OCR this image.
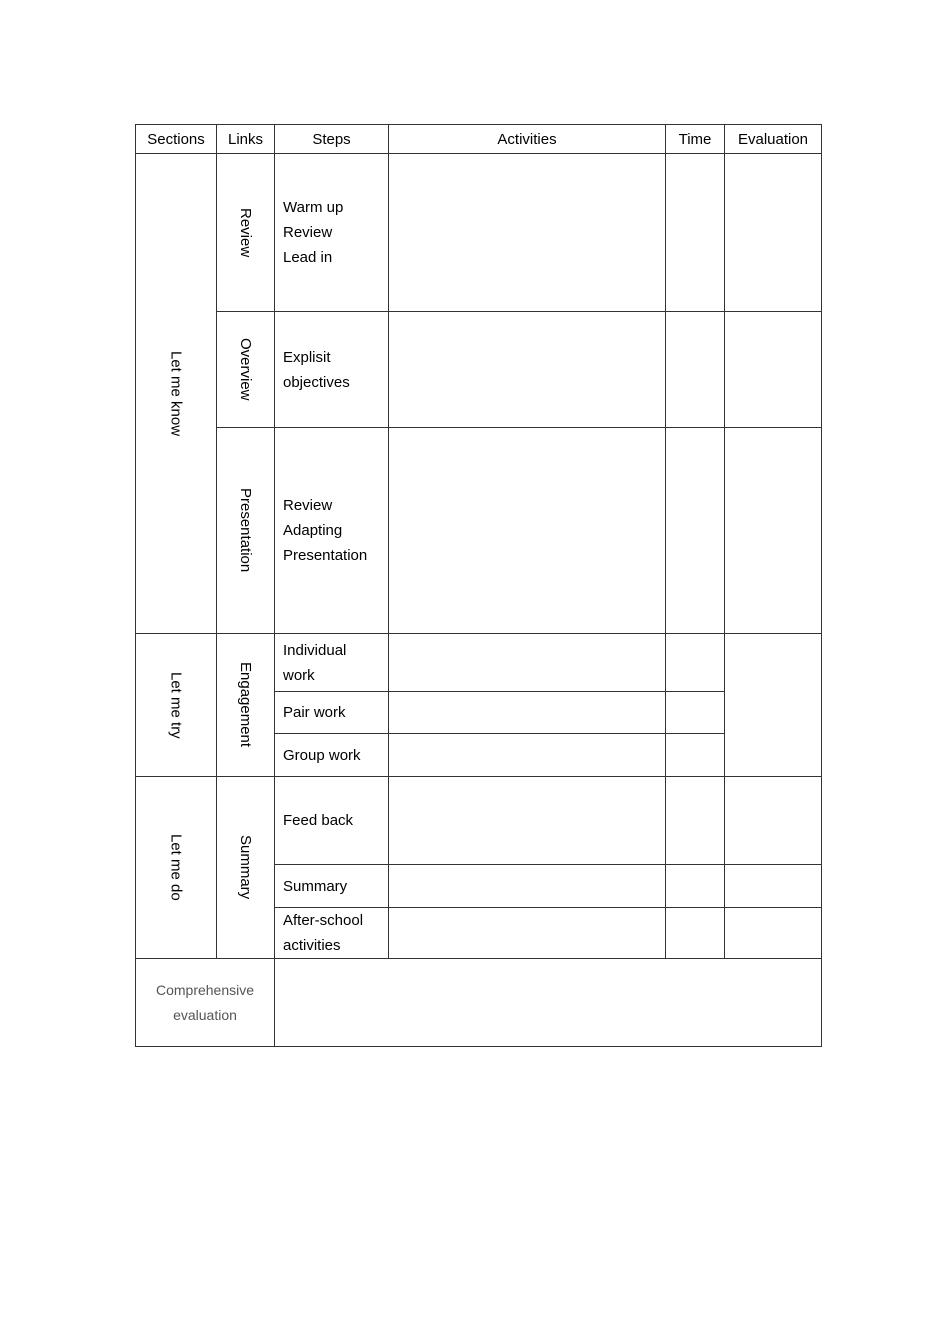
Sections	Links	Steps	Activities	Time	Evaluation

Let me know	Review	Warm up
Review
Lead in			

	Overview	Explisit
objectives			

	Presentation	Review
Adapting
Presentation			

Let me try	Engagement	Individual
work			

		Pair work			

		Group work			

Let me do	Summary	Feed back			

		Summary			

		After-school
activities			

Comprehensive
evaluation					
